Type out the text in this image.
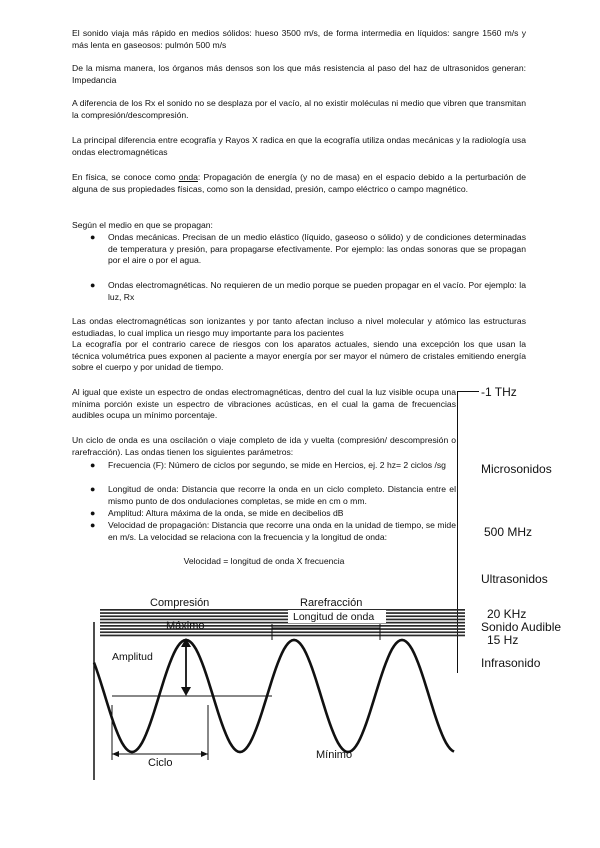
El sonido viaja más rápido en medios sólidos: hueso 3500 m/s, de forma intermedia en líquidos: sangre 1560 m/s y más lenta en gaseosos: pulmón 500 m/s
De la misma manera, los órganos más densos son los que más resistencia al paso del haz de ultrasonidos generan: Impedancia
A diferencia de los Rx el sonido no se desplaza por el vacío, al no existir moléculas ni medio que vibren que transmitan la compresión/descompresión.
La principal diferencia entre ecografía y Rayos X radica en que la ecografía utiliza ondas mecánicas y la radiología usa ondas electromagnéticas
En física, se conoce como onda: Propagación de energía (y no de masa) en el espacio debido a la perturbación de alguna de sus propiedades físicas, como son la densidad, presión, campo eléctrico o campo magnético.
Según el medio en que se propagan:
● Ondas mecánicas. Precisan de un medio elástico (líquido, gaseoso o sólido) y de condiciones determinadas de temperatura y presión, para propagarse efectivamente. Por ejemplo: las ondas sonoras que se propagan por el aire o por el agua.
● Ondas electromagnéticas. No requieren de un medio porque se pueden propagar en el vacío. Por ejemplo: la luz, Rx
Las ondas electromagnéticas son ionizantes y por tanto afectan incluso a nivel molecular y atómico las estructuras estudiadas, lo cual implica un riesgo muy importante para los pacientes
La ecografía por el contrario carece de riesgos con los aparatos actuales, siendo una excepción los que usan la técnica volumétrica pues exponen al paciente a mayor energía por ser mayor el número de cristales emitiendo energía sobre el cuerpo y por unidad de tiempo.
Al igual que existe un espectro de ondas electromagnéticas, dentro del cual la luz visible ocupa una mínima porción existe un espectro de vibraciones acústicas, en el cual la gama de frecuencias audibles ocupa un mínimo porcentaje.
Un ciclo de onda es una oscilación o viaje completo de ida y vuelta (compresión/ descompresión o rarefracción). Las ondas tienen los siguientes parámetros:
● Frecuencia (F): Número de ciclos por segundo, se mide en Hercios, ej. 2 hz= 2 ciclos /sg
● Longitud de onda: Distancia que recorre la onda en un ciclo completo. Distancia entre el mismo punto de dos ondulaciones completas, se mide en cm o mm.
● Amplitud: Altura máxima de la onda, se mide en decibelios dB
● Velocidad de propagación: Distancia que recorre una onda en la unidad de tiempo, se mide en m/s. La velocidad se relaciona con la frecuencia y la longitud de onda:
Velocidad = longitud de onda X frecuencia
-1 THz
Microsonidos
500 MHz
Ultrasonidos
20 KHz
Sonido Audible
15 Hz
Infrasonido
Compresión	Rarefracción
Máximo
Longitud de onda
Amplitud
Mínimo
Ciclo
